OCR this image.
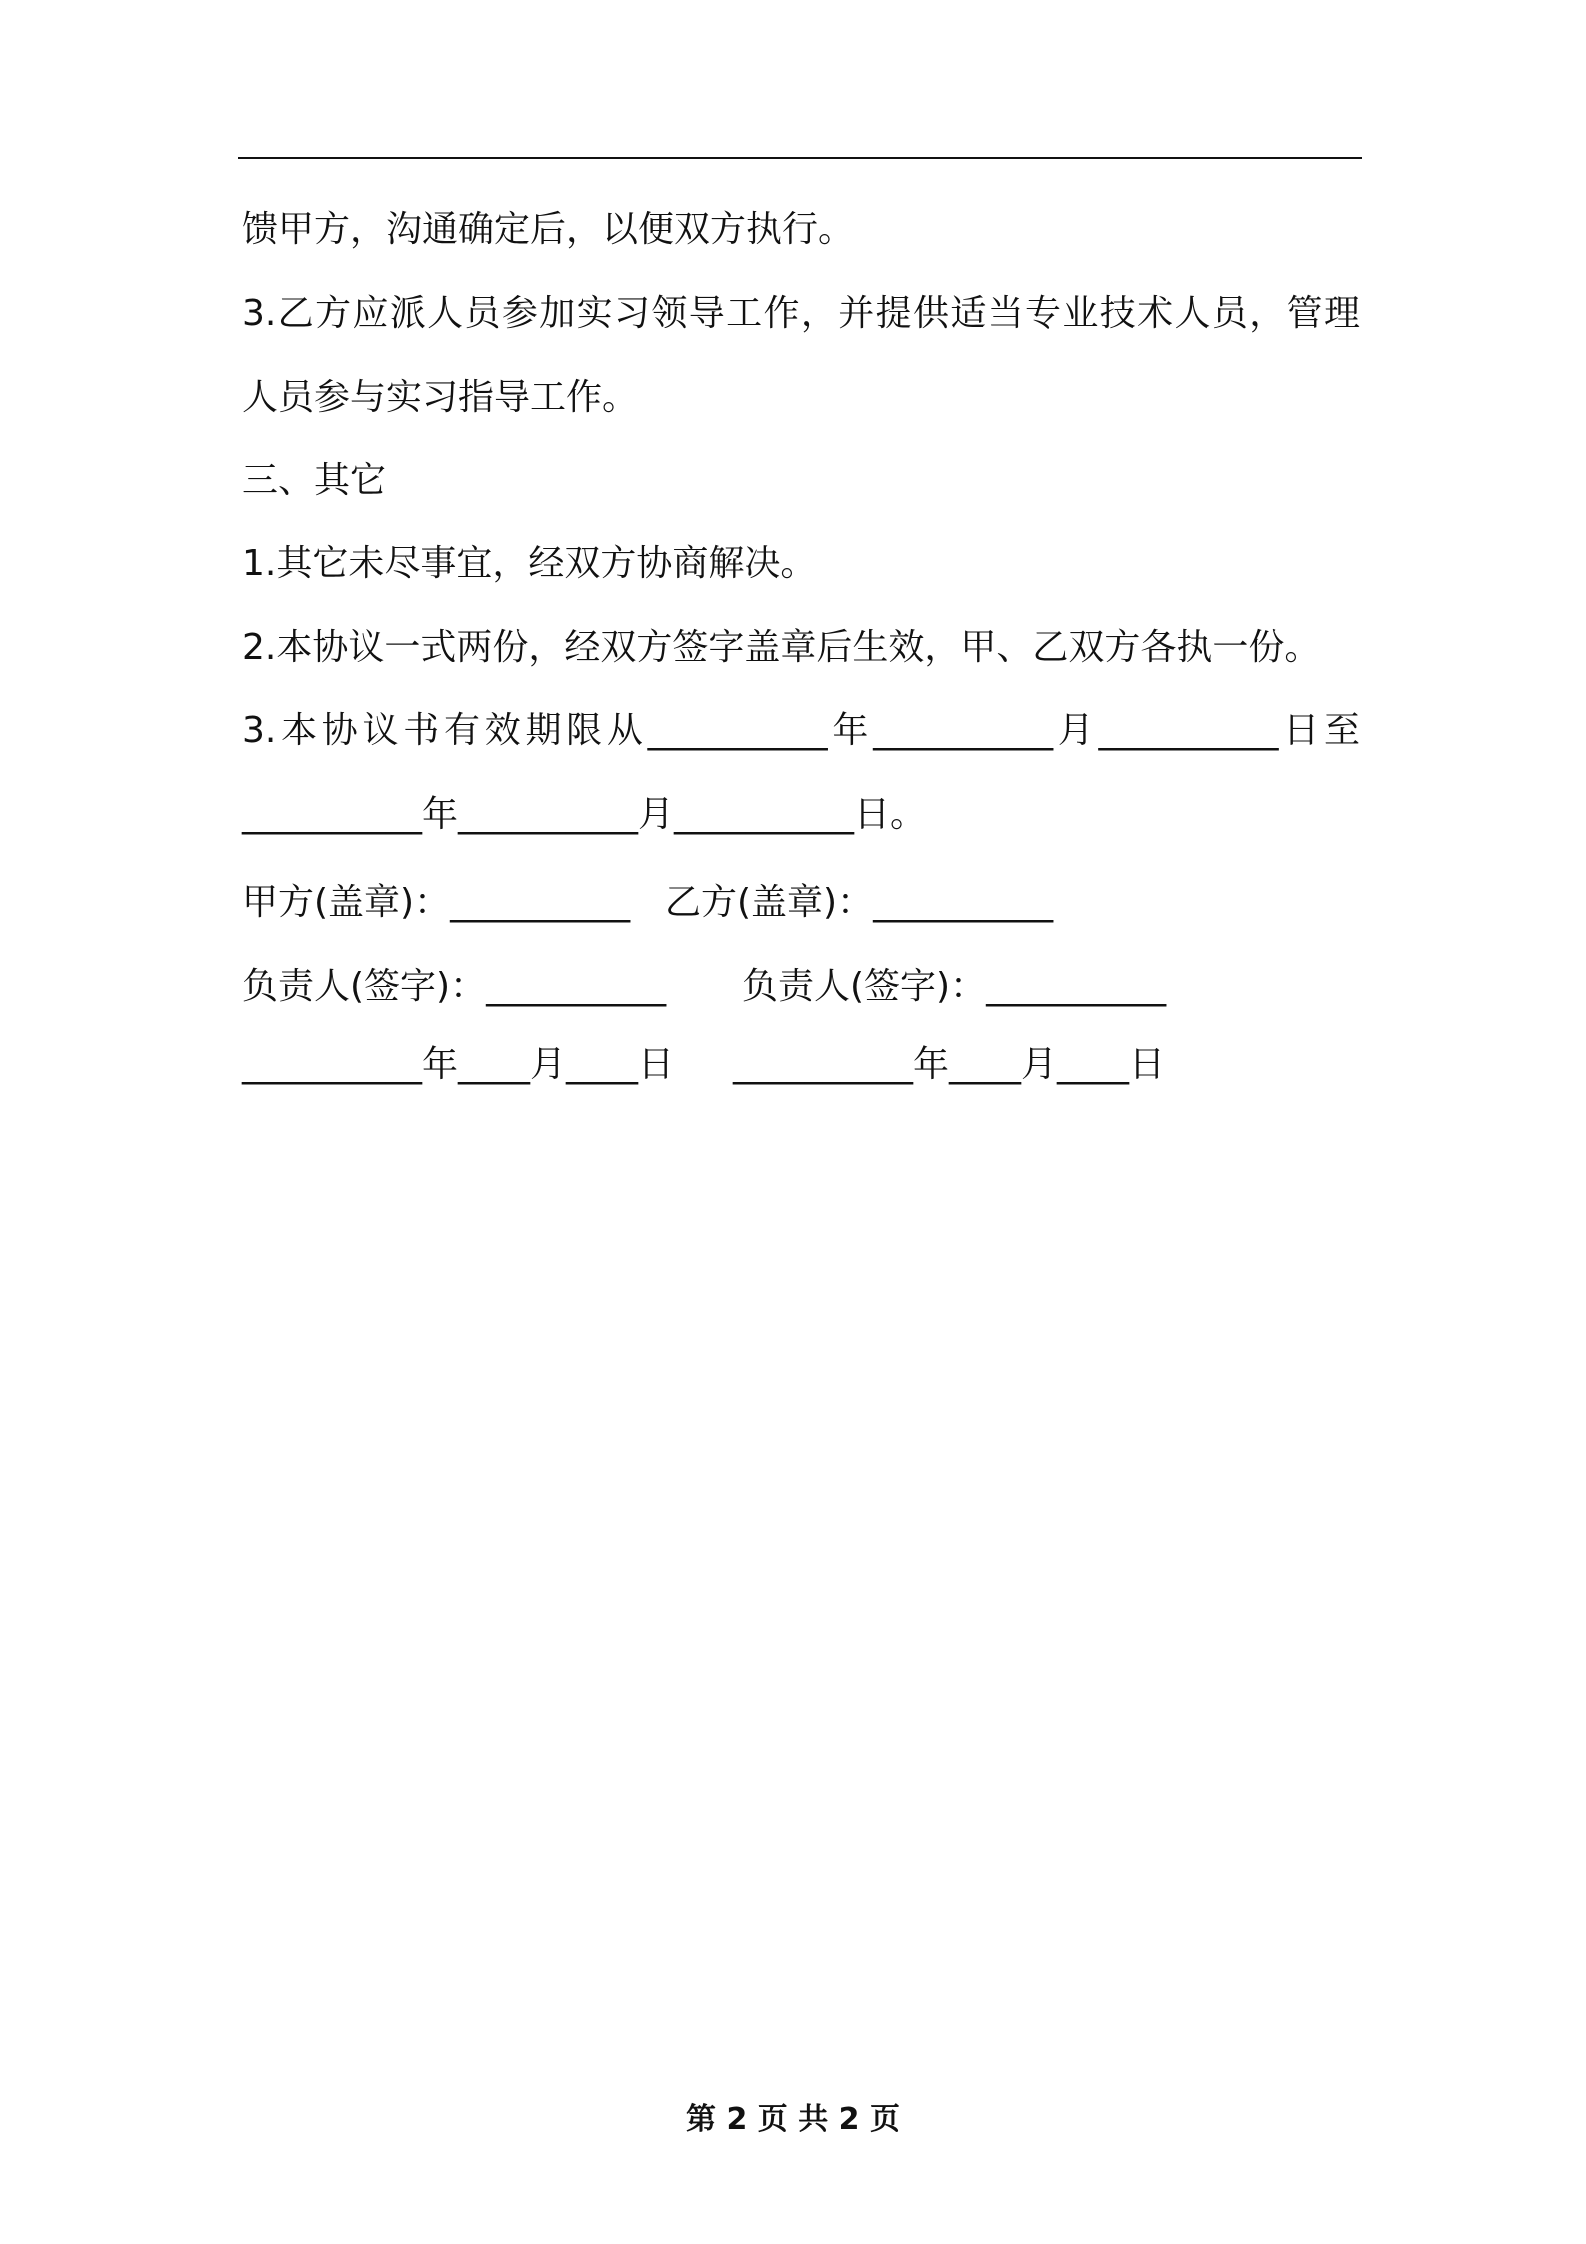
馈甲方，沟通确定后，以便双方执行。
3.乙方应派人员参加实习领导工作，并提供适当专业技术人员，管理
人员参与实习指导工作。
三、其它
1.其它未尽事宜，经双方协商解决。
2.本协议一式两份，经双方签字盖章后生效，甲、乙双方各执一份。
3.本协议书有效期限从__________年__________月__________日至
__________年__________月__________日。

甲方(盖章)：__________

乙方(盖章)：__________

负责人(签字)：__________

负责人(签字)：__________

__________年____月____日

__________年____月____日

第 2 页 共 2 页
